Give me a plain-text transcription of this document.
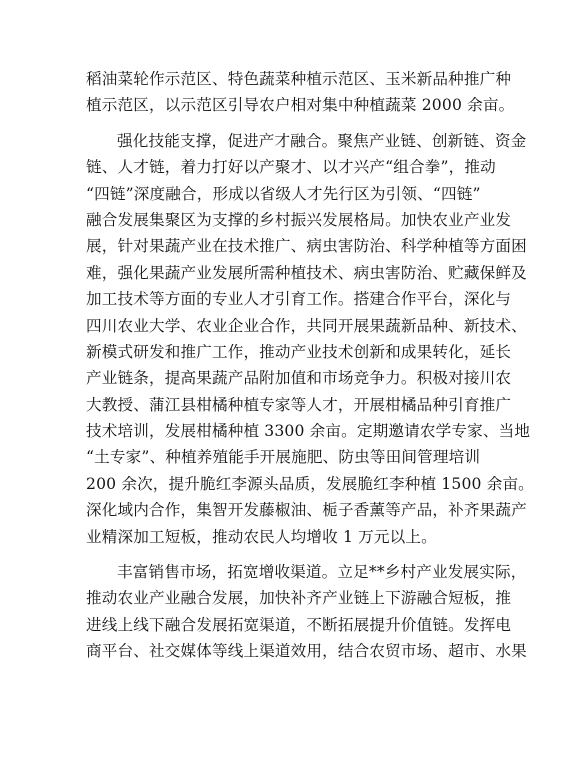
稻油菜轮作示范区、特色蔬菜种植示范区、玉米新品种推广种
植示范区，以示范区引导农户相对集中种植蔬菜 2000 余亩。
强化技能支撑，促进产才融合。聚焦产业链、创新链、资金
链、人才链，着力打好以产聚才、以才兴产“组合拳”，推动
“四链”深度融合，形成以省级人才先行区为引领、“四链”
融合发展集聚区为支撑的乡村振兴发展格局。加快农业产业发
展，针对果蔬产业在技术推广、病虫害防治、科学种植等方面困
难，强化果蔬产业发展所需种植技术、病虫害防治、贮藏保鲜及
加工技术等方面的专业人才引育工作。搭建合作平台，深化与
四川农业大学、农业企业合作，共同开展果蔬新品种、新技术、
新模式研发和推广工作，推动产业技术创新和成果转化，延长
产业链条，提高果蔬产品附加值和市场竞争力。积极对接川农
大教授、蒲江县柑橘种植专家等人才，开展柑橘品种引育推广
技术培训，发展柑橘种植 3300 余亩。定期邀请农学专家、当地
“土专家”、种植养殖能手开展施肥、防虫等田间管理培训
200 余次，提升脆红李源头品质，发展脆红李种植 1500 余亩。
深化域内合作，集智开发藤椒油、栀子香薰等产品，补齐果蔬产
业精深加工短板，推动农民人均增收 1 万元以上。
丰富销售市场，拓宽增收渠道。立足**乡村产业发展实际，
推动农业产业融合发展，加快补齐产业链上下游融合短板，推
进线上线下融合发展拓宽渠道，不断拓展提升价值链。发挥电
商平台、社交媒体等线上渠道效用，结合农贸市场、超市、水果
